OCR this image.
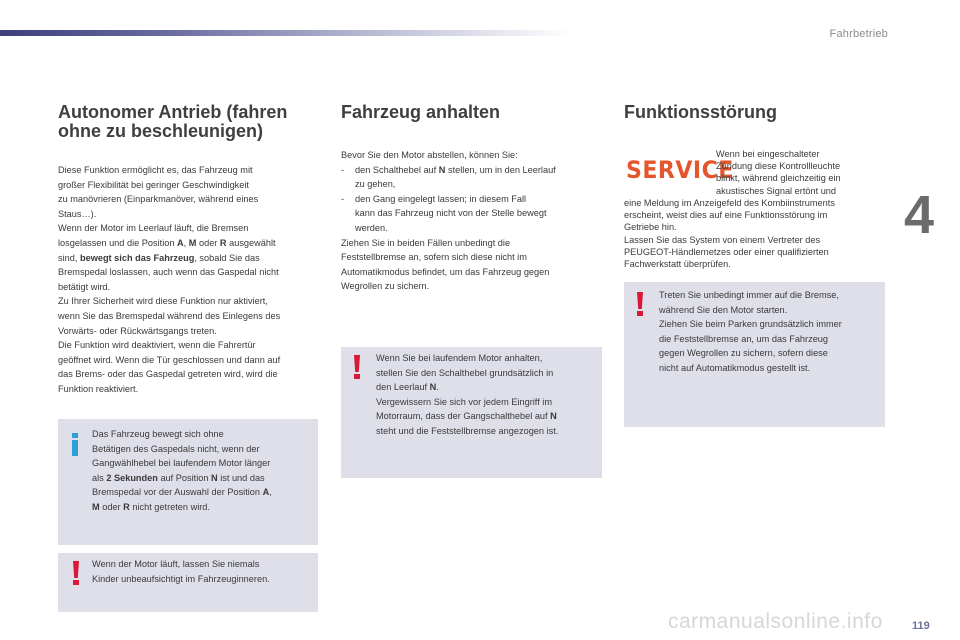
Fahrbetrieb
4
carmanualsonline.info	119
Autonomer Antrieb (fahren
ohne zu beschleunigen)

Diese Funktion ermöglicht es, das Fahrzeug mit

großer Flexibilität bei geringer Geschwindigkeit

zu manövrieren (Einparkmanöver, während eines

Staus…).

Wenn der Motor im Leerlauf läuft, die Bremsen

losgelassen und die Position A, M oder R ausgewählt

sind, bewegt sich das Fahrzeug, sobald Sie das

Bremspedal loslassen, auch wenn das Gaspedal nicht

betätigt wird.

Zu Ihrer Sicherheit wird diese Funktion nur aktiviert,

wenn Sie das Bremspedal während des Einlegens des

Vorwärts- oder Rückwärtsgangs treten.

Die Funktion wird deaktiviert, wenn die Fahrertür

geöffnet wird. Wenn die Tür geschlossen und dann auf

das Brems- oder das Gaspedal getreten wird, wird die

Funktion reaktiviert.

Das Fahrzeug bewegt sich ohne

Betätigen des Gaspedals nicht, wenn der

Gangwählhebel bei laufendem Motor länger

als 2 Sekunden auf Position N ist und das

Bremspedal vor der Auswahl der Position A,

M oder R nicht getreten wird.

Wenn der Motor läuft, lassen Sie niemals

Kinder unbeaufsichtigt im Fahrzeuginneren.

Fahrzeug anhalten

Bevor Sie den Motor abstellen, können Sie:

- den Schalthebel auf N stellen, um in den Leerlauf
zu gehen,

- den Gang eingelegt lassen; in diesem Fall
kann das Fahrzeug nicht von der Stelle bewegt
werden.

Ziehen Sie in beiden Fällen unbedingt die

Feststellbremse an, sofern sich diese nicht im

Automatikmodus befindet, um das Fahrzeug gegen

Wegrollen zu sichern.

Wenn Sie bei laufendem Motor anhalten,

stellen Sie den Schalthebel grundsätzlich in

den Leerlauf N.

Vergewissern Sie sich vor jedem Eingriff im

Motorraum, dass der Gangschalthebel auf N

steht und die Feststellbremse angezogen ist.

Funktionsstörung
SERVICE

Wenn bei eingeschalteter

Zündung diese Kontrollleuchte

blinkt, während gleichzeitig ein

akustisches Signal ertönt und

eine Meldung im Anzeigefeld des Kombiinstruments

erscheint, weist dies auf eine Funktionsstörung im

Getriebe hin.

Lassen Sie das System von einem Vertreter des

PEUGEOT-Händlernetzes oder einer qualifizierten

Fachwerkstatt überprüfen.

Treten Sie unbedingt immer auf die Bremse,

während Sie den Motor starten.

Ziehen Sie beim Parken grundsätzlich immer

die Feststellbremse an, um das Fahrzeug

gegen Wegrollen zu sichern, sofern diese

nicht auf Automatikmodus gestellt ist.
